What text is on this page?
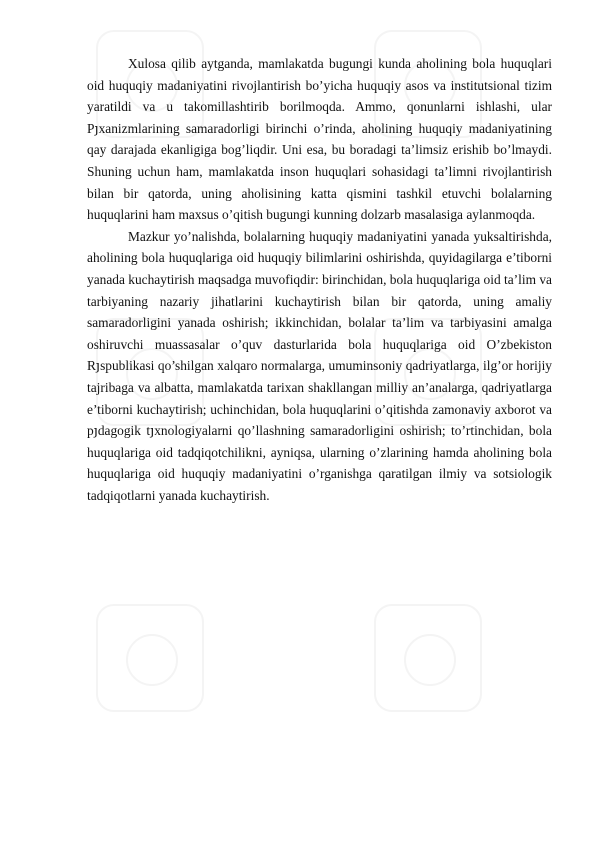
Xulosa qilib aytganda, mamlakatda bugungi kunda aholining bola huquqlari oid huquqiy madaniyatini rivojlantirish bo’yicha huquqiy asos va institutsional tizim yaratildi va u takomillashtirib borilmoqda. Ammo, qonunlarni ishlashi, ular Рյxanizmlarining samaradorligi birinchi o’rinda, aholining huquqiy madaniyatining qay darajada ekanligiga bog’liqdir. Uni esa, bu boradagi ta’limsiz erishib bo’lmaydi. Shuning uchun ham, mamlakatda inson huquqlari sohasidagi ta’limni rivojlantirish bilan bir qatorda, uning aholisining katta qismini tashkil etuvchi bolalarning huquqlarini ham maxsus o’qitish bugungi kunning dolzarb masalasiga aylanmoqda.

Mazkur yo’nalishda, bolalarning huquqiy madaniyatini yanada yuksaltirishda, aholining bola huquqlariga oid huquqiy bilimlarini oshirishda, quyidagilarga e’tiborni yanada kuchaytirish maqsadga muvofiqdir: birinchidan, bola huquqlariga oid ta’lim va tarbiyaning nazariy jihatlarini kuchaytirish bilan bir qatorda, uning amaliy samaradorligini yanada oshirish; ikkinchidan, bolalar ta’lim va tarbiyasini amalga oshiruvchi muassasalar o’quv dasturlarida bola huquqlariga oid O’zbekiston Rյspublikasi qo’shilgan xalqaro normalarga, umuminsoniy qadriyatlarga, ilg’or horijiy tajribaga va albatta, mamlakatda tarixan shakllangan milliy an’analarga, qadriyatlarga e’tiborni kuchaytirish; uchinchidan, bola huquqlarini o’qitishda zamonaviy axborot va pյdagogik tյxnologiyalarni qo’llashning samaradorligini oshirish; to’rtinchidan, bola huquqlariga oid tadqiqotchilikni, ayniqsa, ularning o’zlarining hamda aholining bola huquqlariga oid huquqiy madaniyatini o’rganishga qaratilgan ilmiy va sotsiologik tadqiqotlarni yanada kuchaytirish.
